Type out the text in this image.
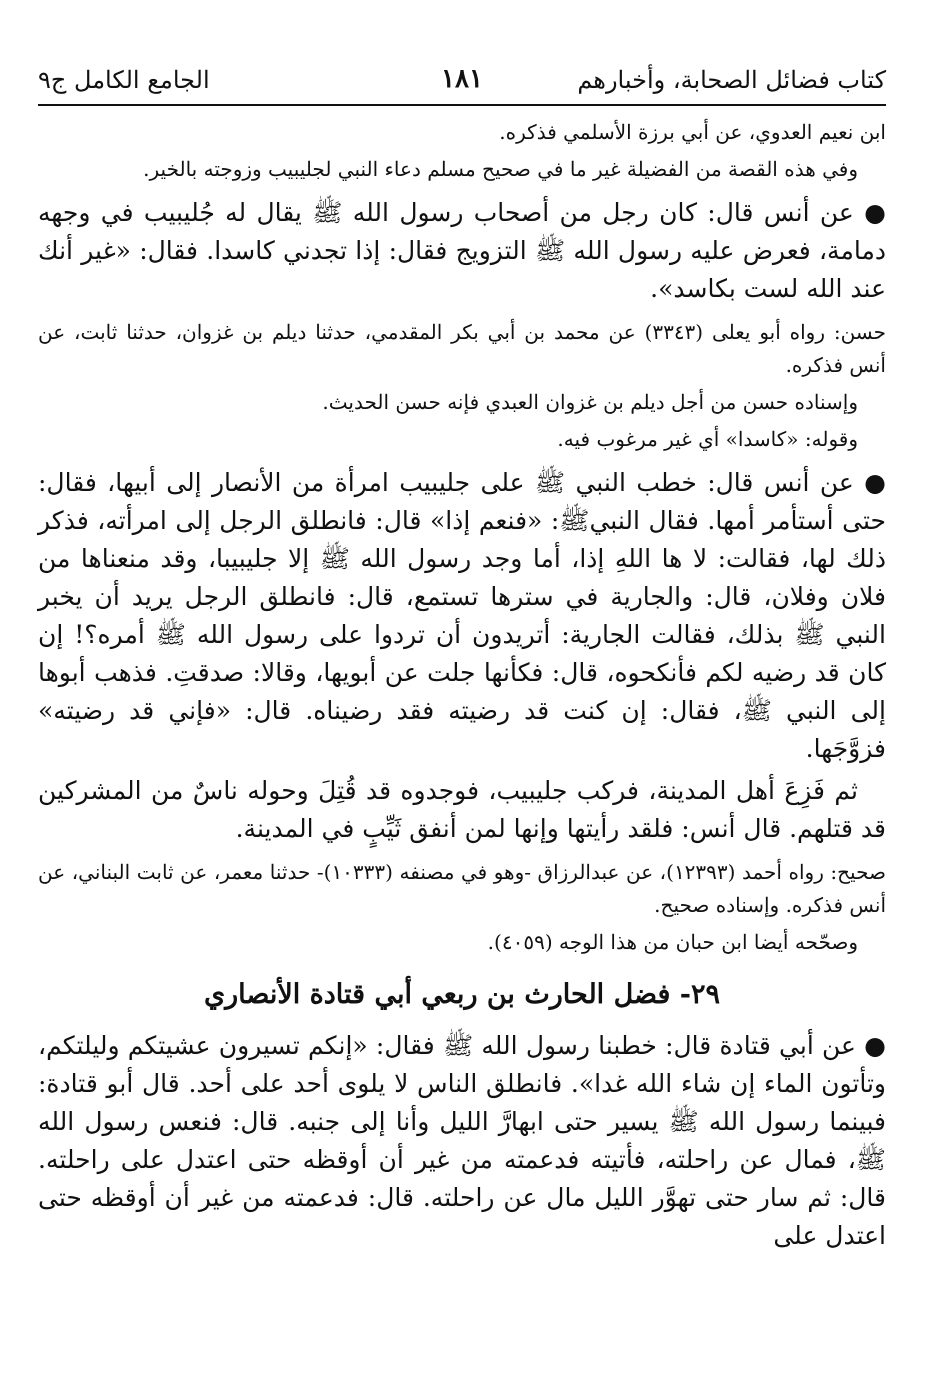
كتاب فضائل الصحابة، وأخبارهم
١٨١
الجامع الكامل ج٩

ابن نعيم العدوي، عن أبي برزة الأسلمي فذكره.

وفي هذه القصة من الفضيلة غير ما في صحيح مسلم دعاء النبي لجليبيب وزوجته بالخير.

● عن أنس قال: كان رجل من أصحاب رسول الله ﷺ يقال له جُليبيب في وجهه دمامة، فعرض عليه رسول الله ﷺ التزويج فقال: إذا تجدني كاسدا. فقال: «غير أنك عند الله لست بكاسد».

حسن: رواه أبو يعلى (٣٣٤٣) عن محمد بن أبي بكر المقدمي، حدثنا ديلم بن غزوان، حدثنا ثابت، عن أنس فذكره.

وإسناده حسن من أجل ديلم بن غزوان العبدي فإنه حسن الحديث.

وقوله: «كاسدا» أي غير مرغوب فيه.

● عن أنس قال: خطب النبي ﷺ على جليبيب امرأة من الأنصار إلى أبيها، فقال: حتى أستأمر أمها. فقال النبيﷺ: «فنعم إذا» قال: فانطلق الرجل إلى امرأته، فذكر ذلك لها، فقالت: لا ها اللهِ إذا، أما وجد رسول الله ﷺ إلا جليبيبا، وقد منعناها من فلان وفلان، قال: والجارية في سترها تستمع، قال: فانطلق الرجل يريد أن يخبر النبي ﷺ بذلك، فقالت الجارية: أتريدون أن تردوا على رسول الله ﷺ أمره؟! إن كان قد رضيه لكم فأنكحوه، قال: فكأنها جلت عن أبويها، وقالا: صدقتِ. فذهب أبوها إلى النبي ﷺ، فقال: إن كنت قد رضيته فقد رضيناه. قال: «فإني قد رضيته» فزوَّجَها.

ثم فَزِعَ أهل المدينة، فركب جليبيب، فوجدوه قد قُتِلَ وحوله ناسٌ من المشركين قد قتلهم. قال أنس: فلقد رأيتها وإنها لمن أنفق ثَيِّبٍ في المدينة.

صحيح: رواه أحمد (١٢٣٩٣)، عن عبدالرزاق -وهو في مصنفه (١٠٣٣٣)- حدثنا معمر، عن ثابت البناني، عن أنس فذكره. وإسناده صحيح.

وصحّحه أيضا ابن حبان من هذا الوجه (٤٠٥٩).

٢٩- فضل الحارث بن ربعي أبي قتادة الأنصاري

● عن أبي قتادة قال: خطبنا رسول الله ﷺ فقال: «إنكم تسيرون عشيتكم وليلتكم، وتأتون الماء إن شاء الله غدا». فانطلق الناس لا يلوى أحد على أحد. قال أبو قتادة: فبينما رسول الله ﷺ يسير حتى ابهارَّ الليل وأنا إلى جنبه. قال: فنعس رسول الله ﷺ، فمال عن راحلته، فأتيته فدعمته من غير أن أوقظه حتى اعتدل على راحلته. قال: ثم سار حتى تهوَّر الليل مال عن راحلته. قال: فدعمته من غير أن أوقظه حتى اعتدل على
